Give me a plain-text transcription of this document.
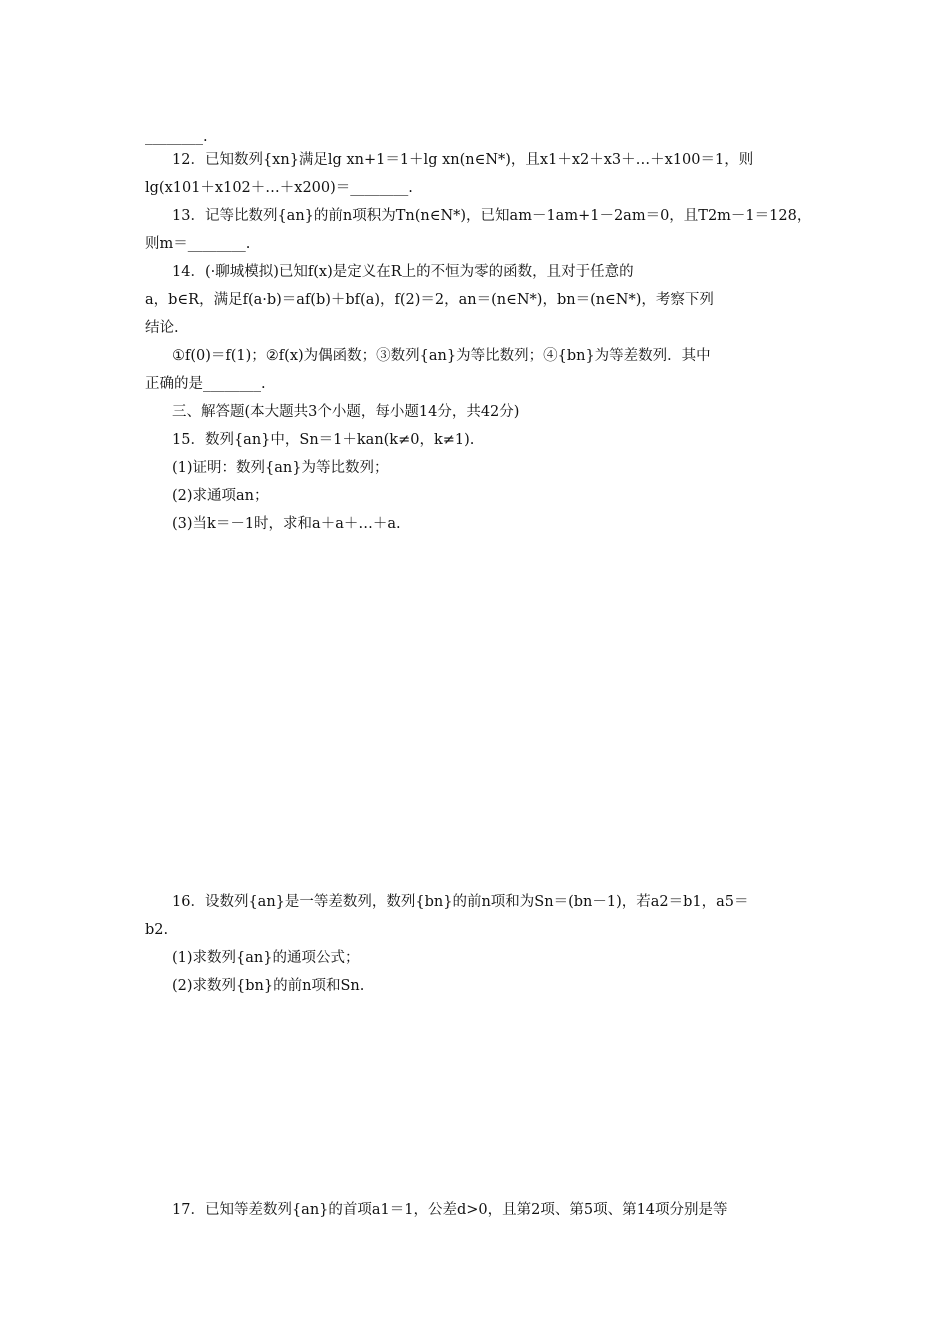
________.
12．已知数列{xn}满足lg xn+1＝1＋lg xn(n∈N*)，且x1＋x2＋x3＋…＋x100＝1，则
lg(x101＋x102＋…＋x200)＝________.
13．记等比数列{an}的前n项积为Tn(n∈N*)，已知am－1am+1－2am＝0，且T2m－1＝128，
则m＝________.
14．(·聊城模拟)已知f(x)是定义在R上的不恒为零的函数，且对于任意的
a，b∈R，满足f(a·b)＝af(b)＋bf(a)，f(2)＝2，an＝(n∈N*)，bn＝(n∈N*)，考察下列
结论.
①f(0)＝f(1)；②f(x)为偶函数；③数列{an}为等比数列；④{bn}为等差数列．其中
正确的是________.
三、解答题(本大题共3个小题，每小题14分，共42分)
15．数列{an}中，Sn＝1＋kan(k≠0，k≠1).
(1)证明：数列{an}为等比数列；
(2)求通项an；
(3)当k＝－1时，求和a＋a＋…＋a.
16．设数列{an}是一等差数列，数列{bn}的前n项和为Sn＝(bn－1)，若a2＝b1，a5＝
b2.
(1)求数列{an}的通项公式；
(2)求数列{bn}的前n项和Sn.
17．已知等差数列{an}的首项a1＝1，公差d>0，且第2项、第5项、第14项分别是等
